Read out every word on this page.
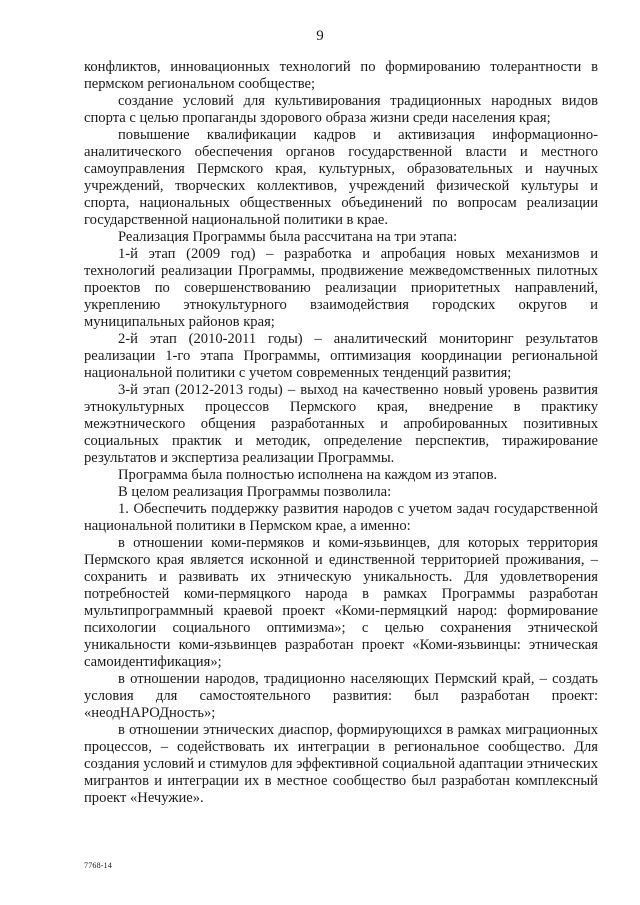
9

конфликтов, инновационных технологий по формированию толерантности в пермском региональном сообществе;

создание условий для культивирования традиционных народных видов спорта с целью пропаганды здорового образа жизни среди населения края;

повышение квалификации кадров и активизация информационно-аналитического обеспечения органов государственной власти и местного самоуправления Пермского края, культурных, образовательных и научных учреждений, творческих коллективов, учреждений физической культуры и спорта, национальных общественных объединений по вопросам реализации государственной национальной политики в крае.

Реализация Программы была рассчитана на три этапа:

1-й этап (2009 год) – разработка и апробация новых механизмов и технологий реализации Программы, продвижение межведомственных пилотных проектов по совершенствованию реализации приоритетных направлений, укреплению этнокультурного взаимодействия городских округов и муниципальных районов края;

2-й этап (2010-2011 годы) – аналитический мониторинг результатов реализации 1-го этапа Программы, оптимизация координации региональной национальной политики с учетом современных тенденций развития;

3-й этап (2012-2013 годы) – выход на качественно новый уровень развития этнокультурных процессов Пермского края, внедрение в практику межэтнического общения разработанных и апробированных позитивных социальных практик и методик, определение перспектив, тиражирование результатов и экспертиза реализации Программы.

Программа была полностью исполнена на каждом из этапов.

В целом реализация Программы позволила:

1. Обеспечить поддержку развития народов с учетом задач государственной национальной политики в Пермском крае, а именно:

в отношении коми-пермяков и коми-язьвинцев, для которых территория Пермского края является исконной и единственной территорией проживания, – сохранить и развивать их этническую уникальность. Для удовлетворения потребностей коми-пермяцкого народа в рамках Программы разработан мультипрограммный краевой проект «Коми-пермяцкий народ: формирование психологии социального оптимизма»; с целью сохранения этнической уникальности коми-язьвинцев разработан проект «Коми-язьвинцы: этническая самоидентификация»;

в отношении народов, традиционно населяющих Пермский край, – создать условия для самостоятельного развития: был разработан проект: «неодНАРОДность»;

в отношении этнических диаспор, формирующихся в рамках миграционных процессов, – содействовать их интеграции в региональное сообщество. Для создания условий и стимулов для эффективной социальной адаптации этнических мигрантов и интеграции их в местное сообщество был разработан комплексный проект «Нечужие».

7768-14
